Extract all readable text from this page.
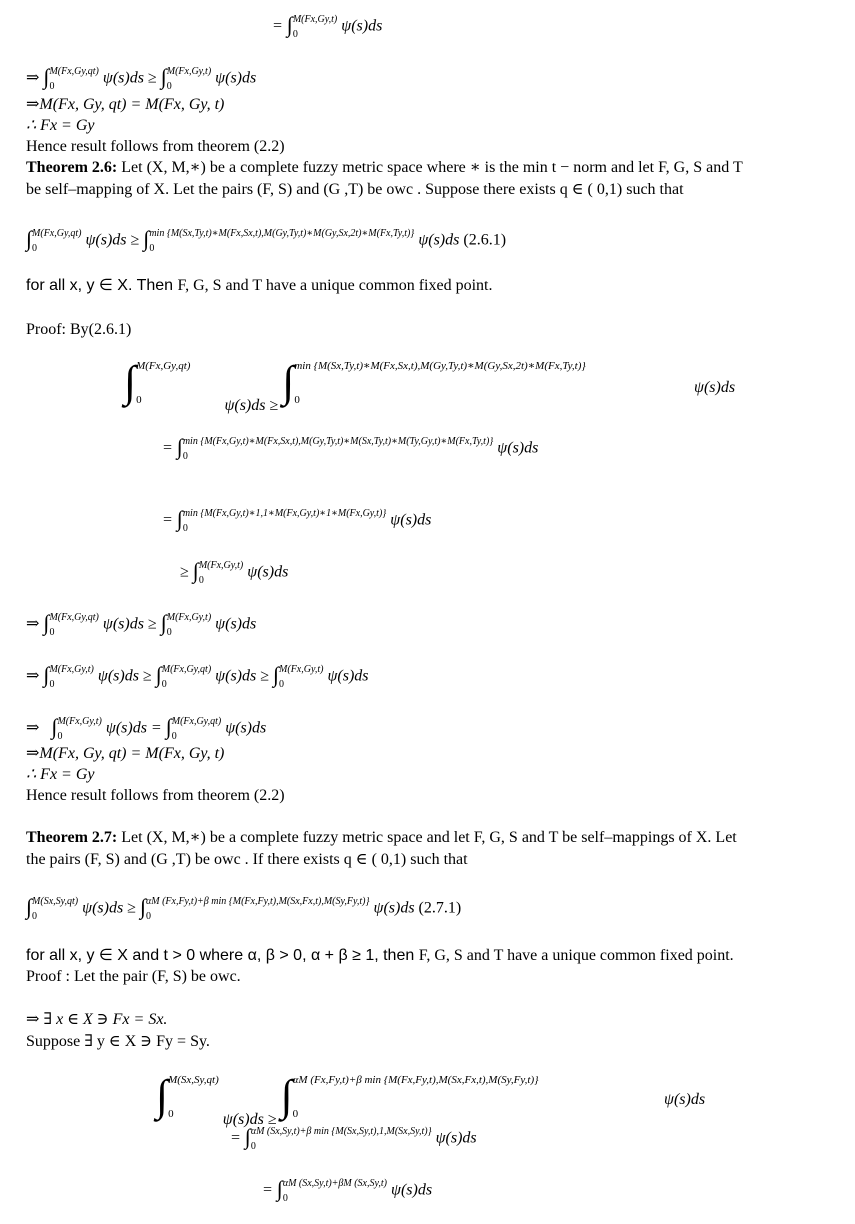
= ∫ M(Fx,Gy,t)
0	ψ(s)ds
⇒ ∫ M(Fx,Gy,qt)
0	ψ(s)ds ≥ ∫ M(Fx,Gy,t)
0	ψ(s)ds
⇒M(Fx, Gy, qt) = M(Fx, Gy, t)
∴ Fx = Gy
Hence result follows from theorem (2.2)
Theorem 2.6: Let (X, M,∗) be a complete fuzzy metric space where ∗ is the min t − norm and let F, G, S and T
be self–mapping of X. Let the pairs (F, S) and (G ,T) be owc . Suppose there exists q ∈ ( 0,1) such that
∫ M(Fx,Gy,qt)
0	ψ(s)ds ≥ ∫ min {M(Sx,Ty,t)∗M(Fx,Sx,t),M(Gy,Ty,t)∗M(Gy,Sx,2t)∗M(Fx,Ty,t)}
0	ψ(s)ds (2.6.1)
for all x, y ∈ X. Then F, G, S and T have a unique common fixed point.
Proof: By(2.6.1)
∫ M(Fx,Gy,qt)
0	ψ(s)ds ≥ ∫ min {M(Sx,Ty,t)∗M(Fx,Sx,t),M(Gy,Ty,t)∗M(Gy,Sx,2t)∗M(Fx,Ty,t)}
0
ψ(s)ds
= ∫ min {M(Fx,Gy,t)∗M(Fx,Sx,t),M(Gy,Ty,t)∗M(Sx,Ty,t)∗M(Ty,Gy,t)∗M(Fx,Ty,t)}
0	ψ(s)ds
= ∫ min {M(Fx,Gy,t)∗1,1∗M(Fx,Gy,t)∗1∗M(Fx,Gy,t)}
0	ψ(s)ds
≥ ∫ M(Fx,Gy,t)
0	ψ(s)ds
⇒ ∫ M(Fx,Gy,qt)
0	ψ(s)ds ≥ ∫ M(Fx,Gy,t)
0	ψ(s)ds
⇒ ∫ M(Fx,Gy,t)
0	ψ(s)ds ≥ ∫ M(Fx,Gy,qt)
0	ψ(s)ds ≥ ∫ M(Fx,Gy,t)
0	ψ(s)ds
⇒ ∫ M(Fx,Gy,t)
0	ψ(s)ds = ∫ M(Fx,Gy,qt)
0	ψ(s)ds
⇒M(Fx, Gy, qt) = M(Fx, Gy, t)
∴ Fx = Gy
Hence result follows from theorem (2.2)
Theorem 2.7: Let (X, M,∗) be a complete fuzzy metric space and let F, G, S and T be self–mappings of X. Let
the pairs (F, S) and (G ,T) be owc . If there exists q ∈ ( 0,1) such that
∫ M(Sx,Sy,qt)
0	ψ(s)ds ≥ ∫ αM (Fx,Fy,t)+β min {M(Fx,Fy,t),M(Sx,Fx,t),M(Sy,Fy,t)}
0	ψ(s)ds (2.7.1)
for all x, y ∈ X and t > 0 where α, β > 0, α + β ≥ 1, then F, G, S and T have a unique common fixed point.
Proof : Let the pair (F, S) be owc.
⇒ ∃ x ∈ X ∋ Fx = Sx.
Suppose ∃ y ∈ X ∋ Fy = Sy.
∫ M(Sx,Sy,qt)
0	ψ(s)ds ≥ ∫ αM (Fx,Fy,t)+β min {M(Fx,Fy,t),M(Sx,Fx,t),M(Sy,Fy,t)}
0
ψ(s)ds
= ∫ αM (Sx,Sy,t)+β min {M(Sx,Sy,t),1,M(Sx,Sy,t)}
0	ψ(s)ds
= ∫ αM (Sx,Sy,t)+βM (Sx,Sy,t)
0	ψ(s)ds
